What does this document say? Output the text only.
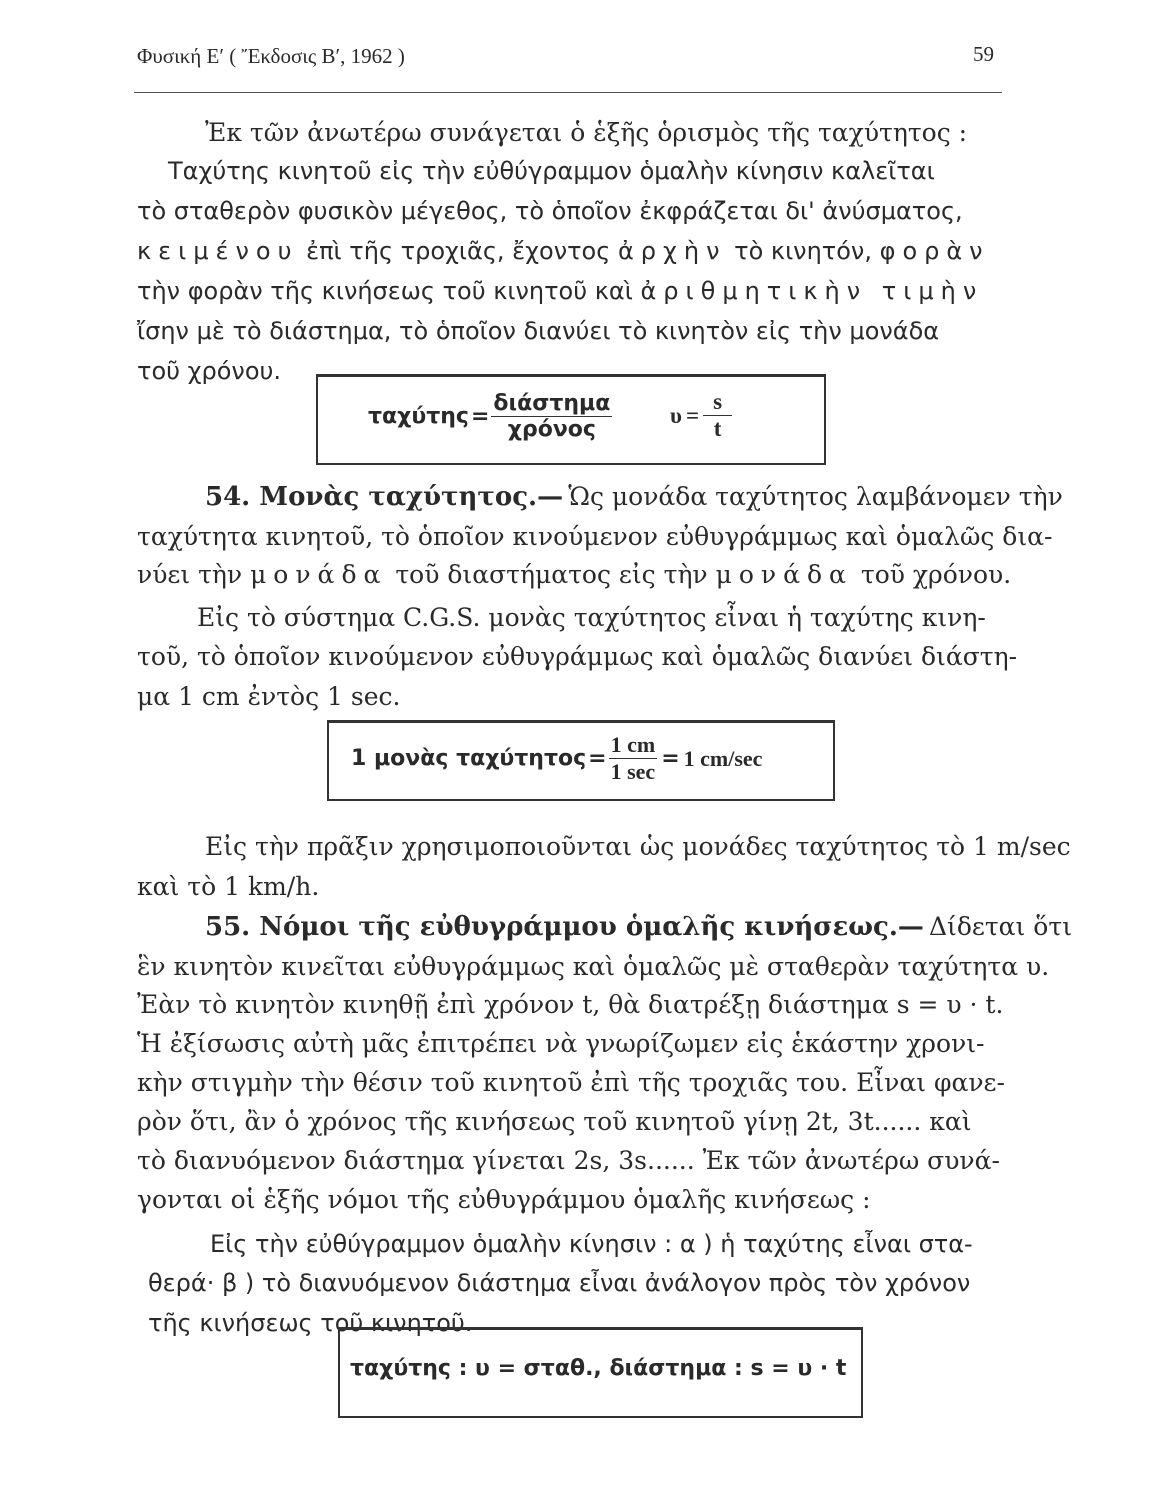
Φυσική Ε′ ( Ἔκδοσις Β′, 1962 )	59
Ἐκ τῶν ἀνωτέρω συνάγεται ὁ ἑξῆς ὁρισμὸς τῆς ταχύτητος :
Ταχύτης κινητοῦ εἰς τὴν εὐθύγραμμον ὁμαλὴν κίνησιν καλεῖται
τὸ σταθερὸν φυσικὸν μέγεθος, τὸ ὁποῖον ἐκφράζεται δι' ἀνύσματος,
κειμένου ἐπὶ τῆς τροχιᾶς, ἔχοντος ἀρχὴν τὸ κινητόν, φορὰν
τὴν φορὰν τῆς κινήσεως τοῦ κινητοῦ καὶ ἀριθμητικὴν τιμὴν
ἴσην μὲ τὸ διάστημα, τὸ ὁποῖον διανύει τὸ κινητὸν εἰς τὴν μονάδα
τοῦ χρόνου.
$\tau\alpha\chi ύ\tau\eta\varsigma = \frac{\text{διάστημα}}{\text{χρόνος}}$	$\upsilon = \frac{s}{t}$
54. Μονὰς ταχύτητος.— Ὡς μονάδα ταχύτητος λαμβάνομεν τὴν
ταχύτητα κινητοῦ, τὸ ὁποῖον κινούμενον εὐθυγράμμως καὶ ὁμαλῶς δια-
νύει τὴν μονάδα τοῦ διαστήματος εἰς τὴν μονάδα τοῦ χρόνου.
Εἰς τὸ σύστημα C.G.S. μονὰς ταχύτητος εἶναι ἡ ταχύτης κινη-
τοῦ, τὸ ὁποῖον κινούμενον εὐθυγράμμως καὶ ὁμαλῶς διανύει διάστη-
μα 1 cm ἐντὸς 1 sec.
1 μονὰς $\tau\alpha\chi ύ\tau\eta\tau o\varsigma = \frac{1 cm}{1 \sec} = 1$ cm/sec
Εἰς τὴν πρᾶξιν χρησιμοποιοῦνται ὡς μονάδες ταχύτητος τὸ 1 m/sec
καὶ τὸ 1 km/h.
55. Νόμοι τῆς εὐθυγράμμου ὁμαλῆς κινήσεως.— Δίδεται ὅτι
ἓν κινητὸν κινεῖται εὐθυγράμμως καὶ ὁμαλῶς μὲ σταθερὰν ταχύτητα υ.
Ἐὰν τὸ κινητὸν κινηθῇ ἐπὶ χρόνον t, θὰ διατρέξῃ διάστημα s = υ · t.
Ἡ ἐξίσωσις αὐτὴ μᾶς ἐπιτρέπει νὰ γνωρίζωμεν εἰς ἑκάστην χρονι-
κὴν στιγμὴν τὴν θέσιν τοῦ κινητοῦ ἐπὶ τῆς τροχιᾶς του. Εἶναι φανε-
ρὸν ὅτι, ἂν ὁ χρόνος τῆς κινήσεως τοῦ κινητοῦ γίνῃ 2t, 3t...... καὶ
τὸ διανυόμενον διάστημα γίνεται 2s, 3s...... Ἐκ τῶν ἀνωτέρω συνά-
γονται οἱ ἑξῆς νόμοι τῆς εὐθυγράμμου ὁμαλῆς κινήσεως :
Εἰς τὴν εὐθύγραμμον ὁμαλὴν κίνησιν : α ) ἡ ταχύτης εἶναι στα-
θερά· β ) τὸ διανυόμενον διάστημα εἶναι ἀνάλογον πρὸς τὸν χρόνον
τῆς κινήσεως τοῦ κινητοῦ.
ταχύτης : υ = σταθ., διάστημα : s = υ · t
